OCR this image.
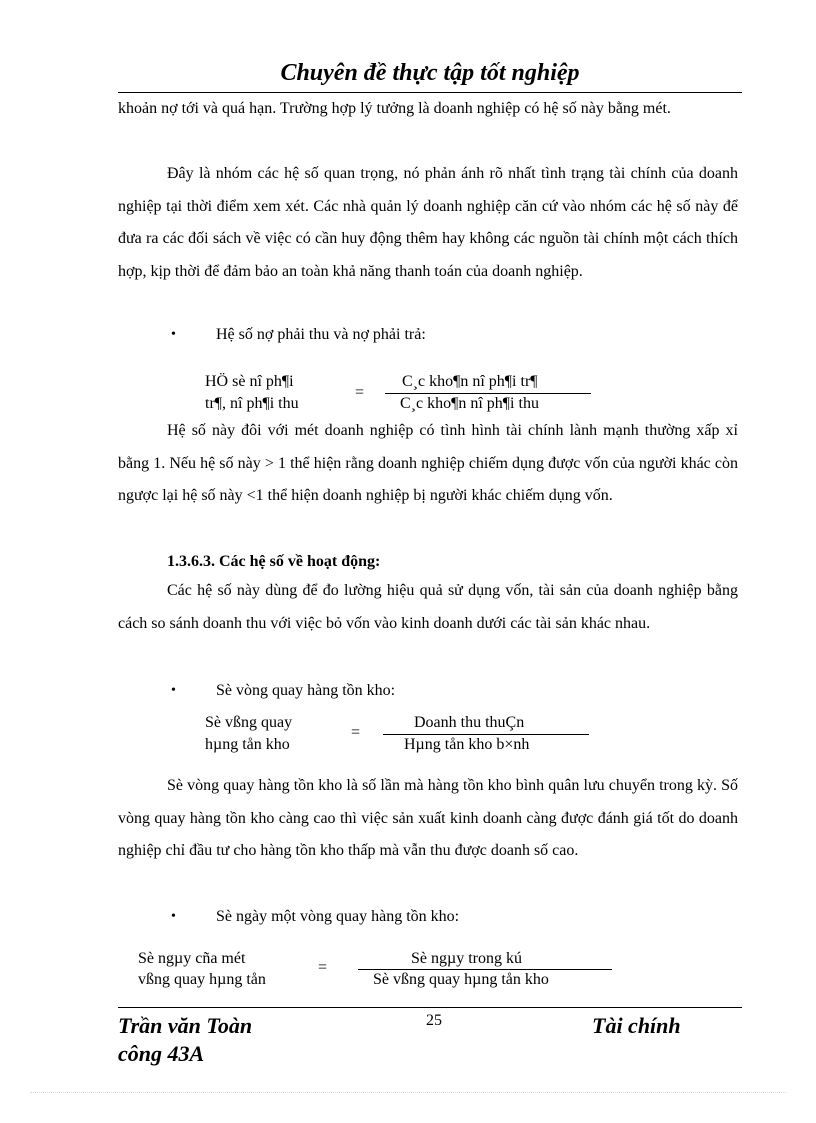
Chuyên đề thực tập tốt nghiệp

khoản nợ tới và quá hạn. Trường hợp lý tưởng là doanh nghiệp có hệ số này bằng mét.

Đây là nhóm các hệ số quan trọng, nó phản ánh rõ nhất tình trạng tài chính của doanh nghiệp tại thời điểm xem xét. Các nhà quản lý doanh nghiệp căn cứ vào nhóm các hệ số này để đưa ra các đối sách về việc có cần huy động thêm hay không các nguồn tài chính một cách thích hợp, kịp thời để đảm bảo an toàn khả năng thanh toán của doanh nghiệp.

•	Hệ số nợ phải thu và nợ phải trả:
HÖ sè nî ph¶i
tr¶, nî ph¶i thu
=
C¸c kho¶n nî ph¶i tr¶
C¸c kho¶n nî ph¶i thu

Hệ số này đôi với mét doanh nghiệp có tình hình tài chính lành mạnh thường xấp xỉ bằng 1. Nếu hệ số này > 1 thể hiện rằng doanh nghiệp chiếm dụng được vốn của người khác còn ngược lại hệ số này <1 thể hiện doanh nghiệp bị người khác chiếm dụng vốn.

1.3.6.3. Các hệ số về hoạt động:

Các hệ số này dùng để đo lường hiệu quả sử dụng vốn, tài sản của doanh nghiệp bằng cách so sánh doanh thu với việc bỏ vốn vào kinh doanh dưới các tài sản khác nhau.

•	Sè vòng quay hàng tồn kho:
Sè vßng quay
hµng tån kho
=
Doanh thu thuÇn
Hµng tån kho b×nh

Sè vòng quay hàng tồn kho là số lần mà hàng tồn kho bình quân lưu chuyển trong kỳ. Số vòng quay hàng tồn kho càng cao thì việc sản xuất kinh doanh càng được đánh giá tốt do doanh nghiệp chỉ đầu tư cho hàng tồn kho thấp mà vẫn thu được doanh số cao.

•	Sè ngày một vòng quay hàng tồn kho:
Sè ngµy cña mét
vßng quay hµng tån
=
Sè ngµy trong kú
Sè vßng quay hµng tån kho
Trần văn Toàn
công 43A
25	Tài chính
